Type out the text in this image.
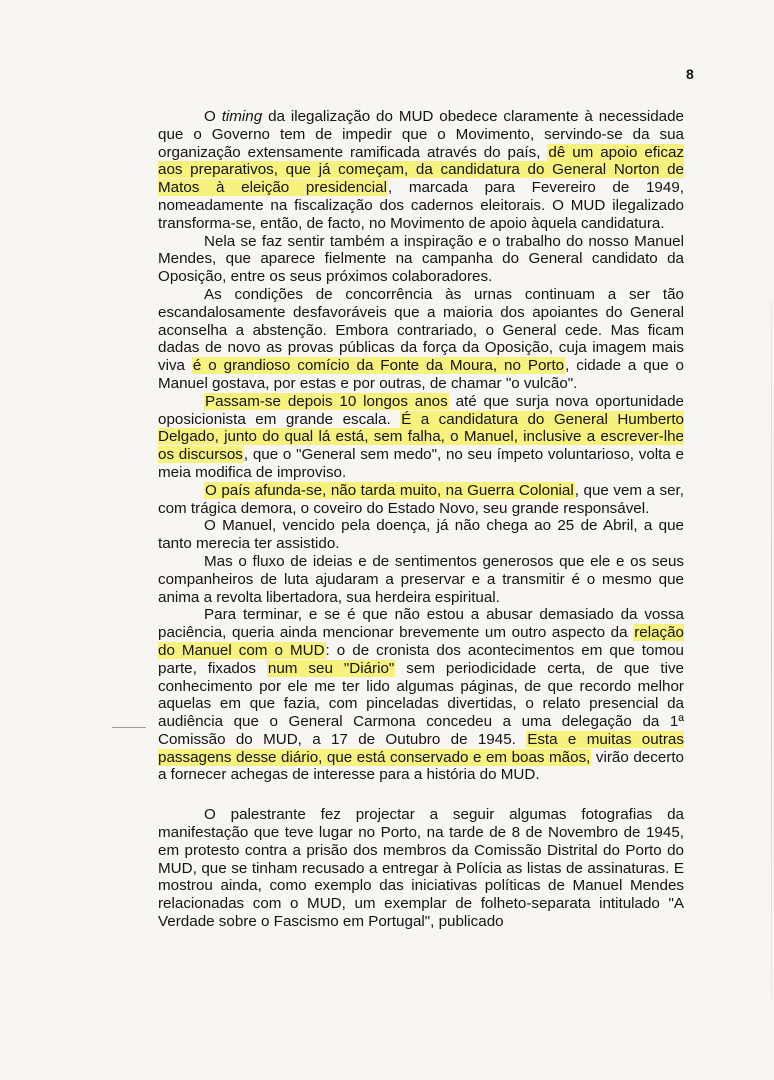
8

O timing da ilegalização do MUD obedece claramente à necessidade que o Governo tem de impedir que o Movimento, servindo-se da sua organização extensamente ramificada através do país, dê um apoio eficaz aos preparativos, que já começam, da candidatura do General Norton de Matos à eleição presidencial, marcada para Fevereiro de 1949, nomeadamente na fiscalização dos cadernos eleitorais. O MUD ilegalizado transforma-se, então, de facto, no Movimento de apoio àquela candidatura.

Nela se faz sentir também a inspiração e o trabalho do nosso Manuel Mendes, que aparece fielmente na campanha do General candidato da Oposição, entre os seus próximos colaboradores.

As condições de concorrência às urnas continuam a ser tão escandalosamente desfavoráveis que a maioria dos apoiantes do General aconselha a abstenção. Embora contrariado, o General cede. Mas ficam dadas de novo as provas públicas da força da Oposição, cuja imagem mais viva é o grandioso comício da Fonte da Moura, no Porto, cidade a que o Manuel gostava, por estas e por outras, de chamar "o vulcão".

Passam-se depois 10 longos anos até que surja nova oportunidade oposicionista em grande escala. É a candidatura do General Humberto Delgado, junto do qual lá está, sem falha, o Manuel, inclusive a escrever-lhe os discursos, que o "General sem medo", no seu ímpeto voluntarioso, volta e meia modifica de improviso.

O país afunda-se, não tarda muito, na Guerra Colonial, que vem a ser, com trágica demora, o coveiro do Estado Novo, seu grande responsável.

O Manuel, vencido pela doença, já não chega ao 25 de Abril, a que tanto merecia ter assistido.

Mas o fluxo de ideias e de sentimentos generosos que ele e os seus companheiros de luta ajudaram a preservar e a transmitir é o mesmo que anima a revolta libertadora, sua herdeira espiritual.

Para terminar, e se é que não estou a abusar demasiado da vossa paciência, queria ainda mencionar brevemente um outro aspecto da relação do Manuel com o MUD: o de cronista dos acontecimentos em que tomou parte, fixados num seu "Diário" sem periodicidade certa, de que tive conhecimento por ele me ter lido algumas páginas, de que recordo melhor aquelas em que fazia, com pinceladas divertidas, o relato presencial da audiência que o General Carmona concedeu a uma delegação da 1ª Comissão do MUD, a 17 de Outubro de 1945. Esta e muitas outras passagens desse diário, que está conservado e em boas mãos, virão decerto a fornecer achegas de interesse para a história do MUD.

O palestrante fez projectar a seguir algumas fotografias da manifestação que teve lugar no Porto, na tarde de 8 de Novembro de 1945, em protesto contra a prisão dos membros da Comissão Distrital do Porto do MUD, que se tinham recusado a entregar à Polícia as listas de assinaturas. E mostrou ainda, como exemplo das iniciativas políticas de Manuel Mendes relacionadas com o MUD, um exemplar de folheto-separata intitulado "A Verdade sobre o Fascismo em Portugal", publicado
